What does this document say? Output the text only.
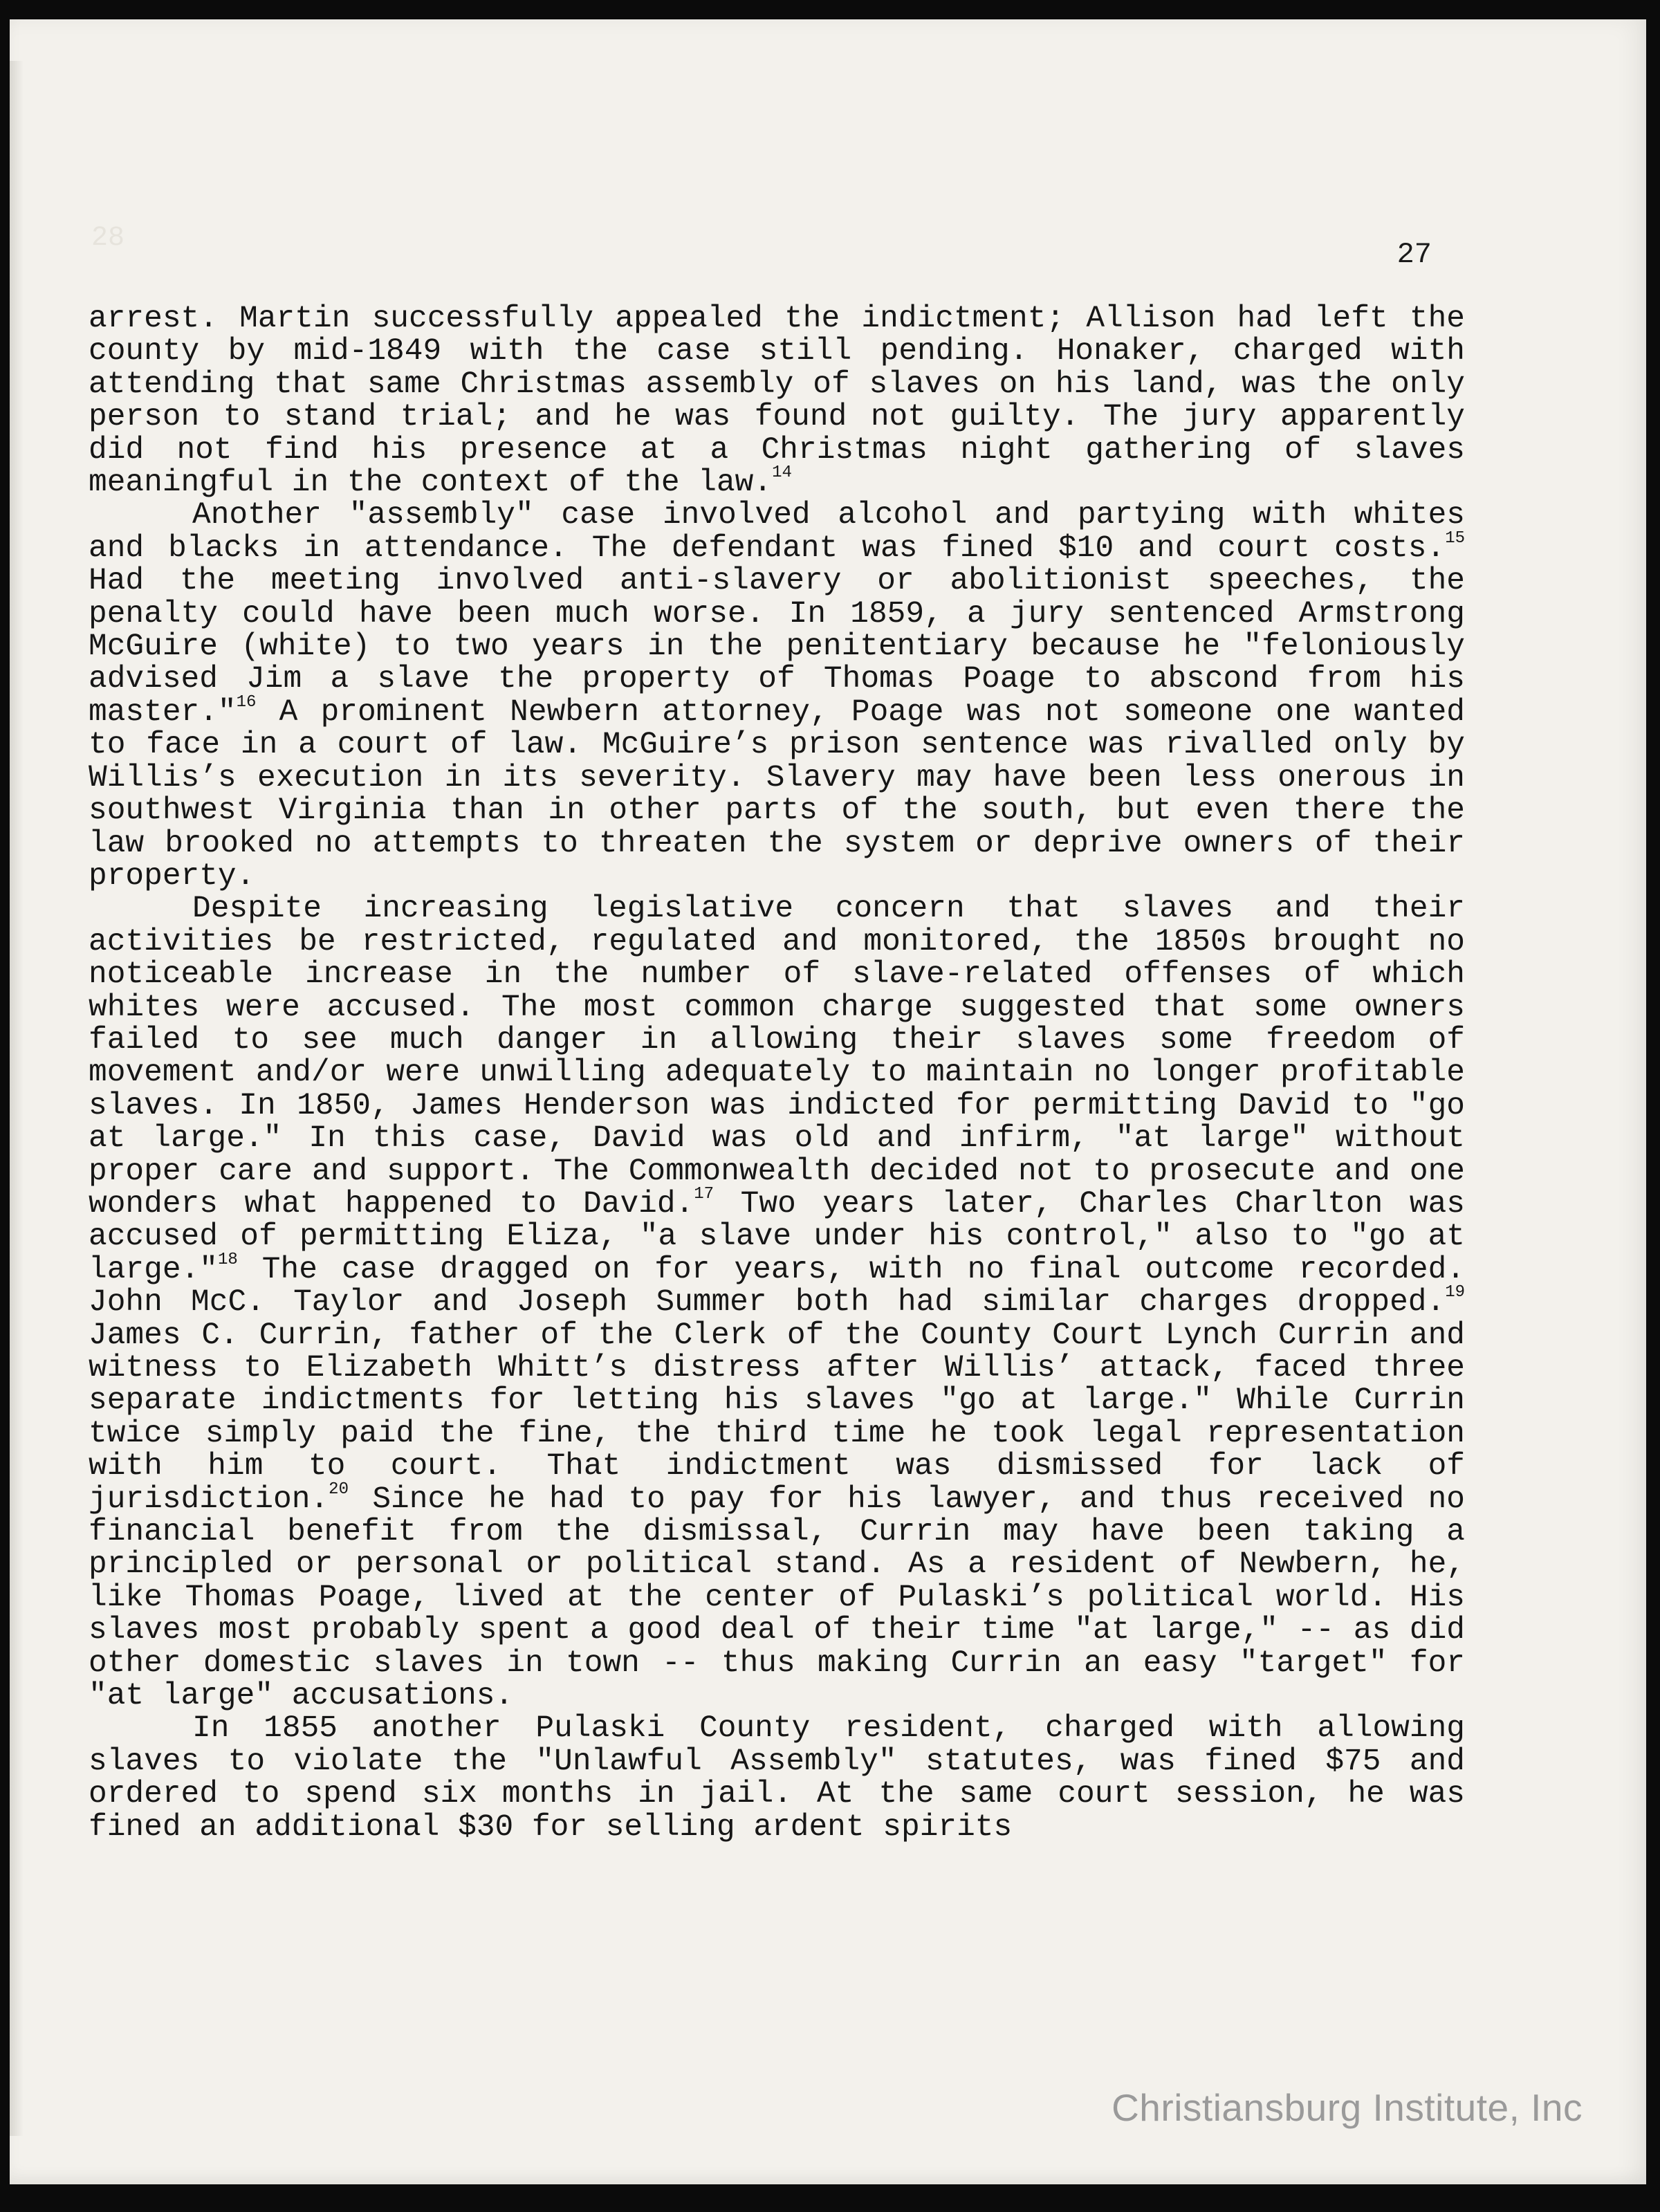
28	27

arrest. Martin successfully appealed the indictment; Allison had left the county by mid-1849 with the case still pending. Honaker, charged with attending that same Christmas assembly of slaves on his land, was the only person to stand trial; and he was found not guilty. The jury apparently did not find his presence at a Christmas night gathering of slaves meaningful in the context of the law.$^{14}$

Another "assembly" case involved alcohol and partying with whites and blacks in attendance. The defendant was fined $10 and court costs.$^{15}$ Had the meeting involved anti-slavery or abolitionist speeches, the penalty could have been much worse. In 1859, a jury sentenced Armstrong McGuire (white) to two years in the penitentiary because he "feloniously advised Jim a slave the property of Thomas Poage to abscond from his master."$^{16}$ A prominent Newbern attorney, Poage was not someone one wanted to face in a court of law. McGuire’s prison sentence was rivalled only by Willis’s execution in its severity. Slavery may have been less onerous in southwest Virginia than in other parts of the south, but even there the law brooked no attempts to threaten the system or deprive owners of their property.

Despite increasing legislative concern that slaves and their activities be restricted, regulated and monitored, the 1850s brought no noticeable increase in the number of slave-related offenses of which whites were accused. The most common charge suggested that some owners failed to see much danger in allowing their slaves some freedom of movement and/or were unwilling adequately to maintain no longer profitable slaves. In 1850, James Henderson was indicted for permitting David to "go at large." In this case, David was old and infirm, "at large" without proper care and support. The Commonwealth decided not to prosecute and one wonders what happened to David.$^{17}$ Two years later, Charles Charlton was accused of permitting Eliza, "a slave under his control," also to "go at large."$^{18}$ The case dragged on for years, with no final outcome recorded. John McC. Taylor and Joseph Summer both had similar charges dropped.$^{19}$ James C. Currin, father of the Clerk of the County Court Lynch Currin and witness to Elizabeth Whitt’s distress after Willis’ attack, faced three separate indictments for letting his slaves "go at large." While Currin twice simply paid the fine, the third time he took legal representation with him to court. That indictment was dismissed for lack of jurisdiction.$^{20}$ Since he had to pay for his lawyer, and thus received no financial benefit from the dismissal, Currin may have been taking a principled or personal or political stand. As a resident of Newbern, he, like Thomas Poage, lived at the center of Pulaski’s political world. His slaves most probably spent a good deal of their time "at large," -- as did other domestic slaves in town -- thus making Currin an easy "target" for "at large" accusations.

In 1855 another Pulaski County resident, charged with allowing slaves to violate the "Unlawful Assembly" statutes, was fined $75 and ordered to spend six months in jail. At the same court session, he was fined an additional $30 for selling ardent spirits

Christiansburg Institute, Inc
